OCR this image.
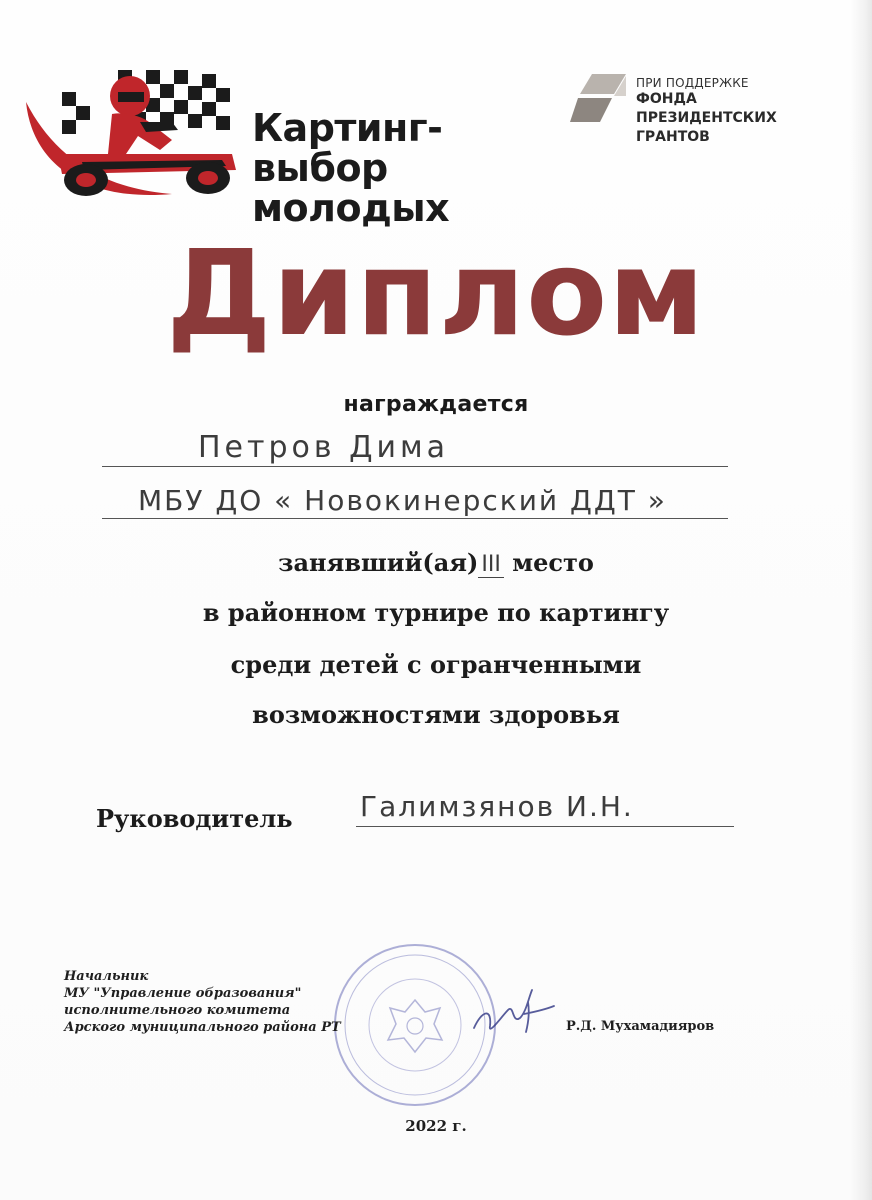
Картинг-
выбор молодых
ПРИ ПОДДЕРЖКЕ
ФОНДА
ПРЕЗИДЕНТСКИХ
ГРАНТОВ
Диплом
награждается
Петров Дима
МБУ ДО « Новокинерский ДДТ »
занявший(ая) III место
в районном турнире по картингу
среди детей с огранченными
возможностями здоровья
Руководитель Галимзянов И.Н.
Начальник
МУ "Управление образования"
исполнительного комитета
Арского муниципального района РТ	Р.Д. Мухамадияров
2022 г.
